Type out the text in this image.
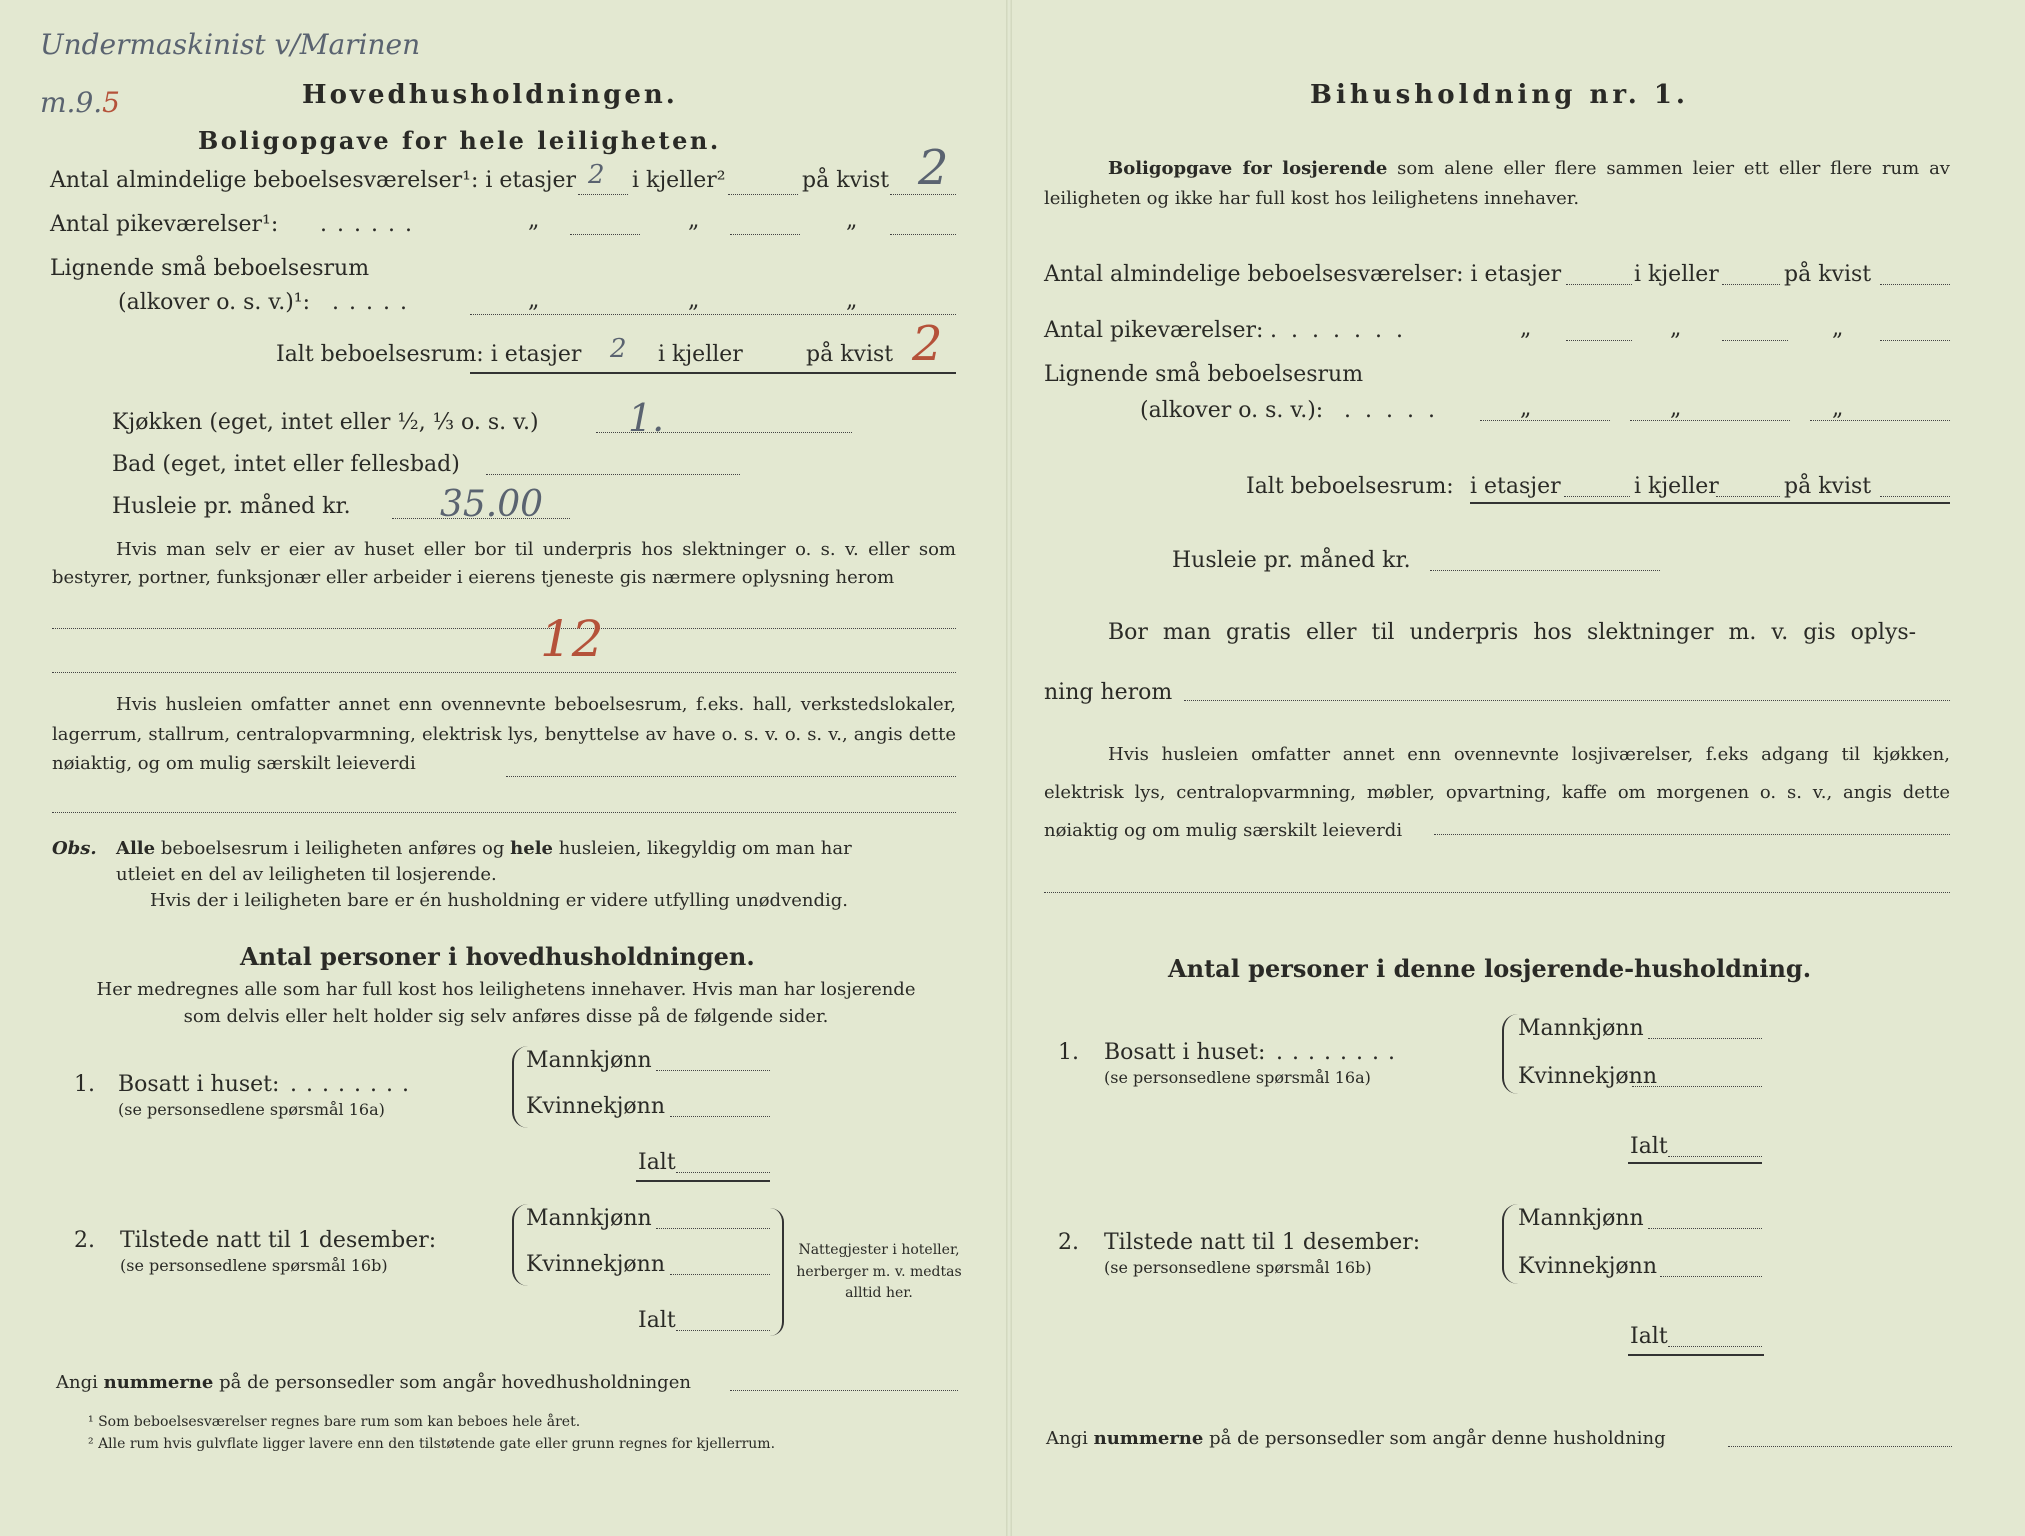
Undermaskinist v/Marinen
m.9.5	Hovedhusholdningen.
Boligopgave for hele leiligheten.
Antal almindelige beboelsesværelser¹: i etasjer 2 i kjeller²	på kvist 2
Antal pikeværelser¹: ......	„	„	„
Lignende små beboelsesrum
(alkover o. s. v.)¹: .....	„	„	„
Ialt beboelsesrum: i etasjer 2 i kjeller	på kvist 2
Kjøkken (eget, intet eller ½, ⅓ o. s. v.) 1.
Bad (eget, intet eller fellesbad)
Husleie pr. måned kr. 35.00
Hvis man selv er eier av huset eller bor til underpris hos slektninger o. s. v. eller som bestyrer, portner, funksjonær eller arbeider i eierens tjeneste gis nærmere oplysning herom
12
Hvis husleien omfatter annet enn ovennevnte beboelsesrum, f.eks. hall, verkstedslokaler, lagerrum, stallrum, centralopvarmning, elektrisk lys, benyttelse av have o. s. v. o. s. v., angis dette nøiaktig, og om mulig særskilt leieverdi
Obs. Alle beboelsesrum i leiligheten anføres og hele husleien, likegyldig om man har
utleiet en del av leiligheten til losjerende.
Hvis der i leiligheten bare er én husholdning er videre utfylling unødvendig.
Antal personer i hovedhusholdningen.
Her medregnes alle som har full kost hos leilighetens innehaver. Hvis man har losjerende som delvis eller helt holder sig selv anføres disse på de følgende sider.
1. Bosatt i huset: ........
(se personsedlene spørsmål 16a)
Mannkjønn
Kvinnekjønn
Ialt
2. Tilstede natt til 1 desember:
(se personsedlene spørsmål 16b)
Mannkjønn
Kvinnekjønn
Ialt
Nattegjester i hoteller, herberger m. v. medtas alltid her.
Angi nummerne på de personsedler som angår hovedhusholdningen
¹ Som beboelsesværelser regnes bare rum som kan beboes hele året.
² Alle rum hvis gulvflate ligger lavere enn den tilstøtende gate eller grunn regnes for kjellerrum.
Bihusholdning nr. 1.
Boligopgave for losjerende som alene eller flere sammen leier ett eller flere rum av leiligheten og ikke har full kost hos leilighetens innehaver.
Antal almindelige beboelsesværelser: i etasjer	i kjeller	på kvist
Antal pikeværelser: .......	„	„	„
Lignende små beboelsesrum
(alkover o. s. v.): .....	„	„	„
Ialt beboelsesrum: i etasjer	i kjeller	på kvist
Husleie pr. måned kr.
Bor man gratis eller til underpris hos slektninger m. v. gis oplys-
ning herom
Hvis husleien omfatter annet enn ovennevnte losjiværelser, f.eks adgang til kjøkken, elektrisk lys, centralopvarmning, møbler, opvartning, kaffe om morgenen o. s. v., angis dette nøiaktig og om mulig særskilt leieverdi
Antal personer i denne losjerende-husholdning.
1. Bosatt i huset: ........
(se personsedlene spørsmål 16a)
Mannkjønn
Kvinnekjønn
Ialt
2. Tilstede natt til 1 desember:
(se personsedlene spørsmål 16b)
Mannkjønn
Kvinnekjønn
Ialt
Angi nummerne på de personsedler som angår denne husholdning
